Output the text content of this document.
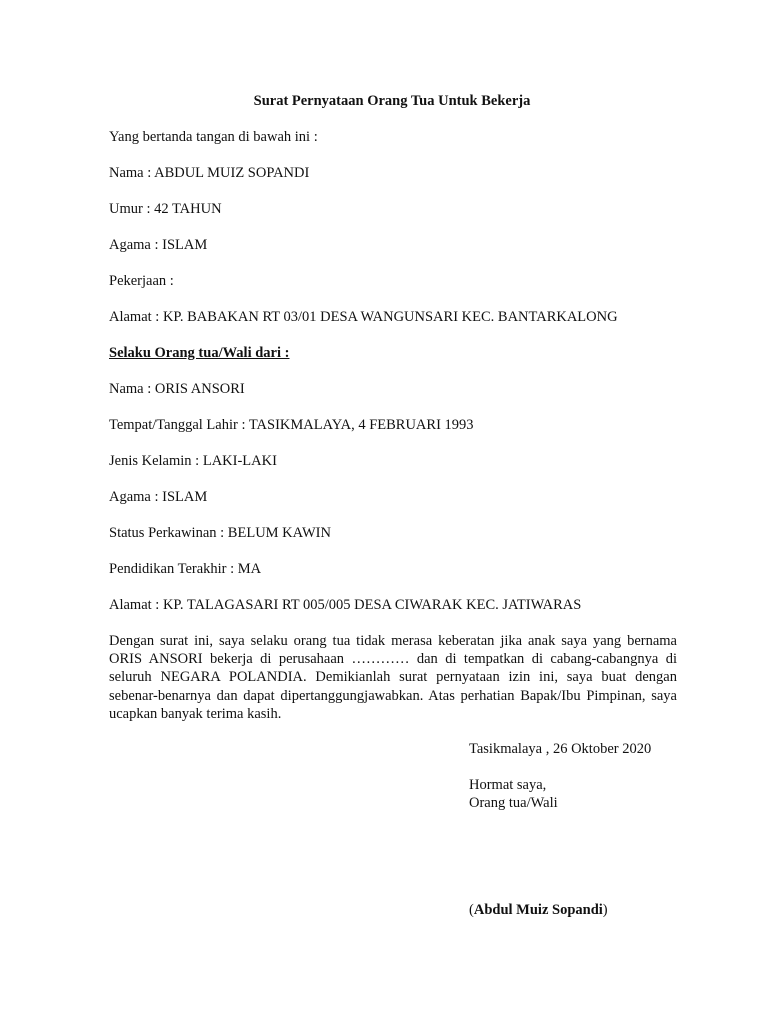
Surat Pernyataan Orang Tua Untuk Bekerja

Yang bertanda tangan di bawah ini :

Nama : ABDUL MUIZ SOPANDI

Umur : 42 TAHUN

Agama : ISLAM

Pekerjaan :

Alamat : KP. BABAKAN RT 03/01 DESA WANGUNSARI KEC. BANTARKALONG

Selaku Orang tua/Wali dari :

Nama : ORIS ANSORI

Tempat/Tanggal Lahir : TASIKMALAYA, 4 FEBRUARI 1993

Jenis Kelamin : LAKI-LAKI

Agama : ISLAM

Status Perkawinan : BELUM KAWIN

Pendidikan Terakhir : MA

Alamat : KP. TALAGASARI RT 005/005 DESA CIWARAK KEC. JATIWARAS

Dengan surat ini, saya selaku orang tua tidak merasa keberatan jika anak saya yang bernama ORIS ANSORI bekerja di perusahaan ………… dan di tempatkan di cabang-cabangnya di seluruh NEGARA POLANDIA. Demikianlah surat pernyataan izin ini, saya buat dengan sebenar-benarnya dan dapat dipertanggungjawabkan. Atas perhatian Bapak/Ibu Pimpinan, saya ucapkan banyak terima kasih.

Tasikmalaya , 26 Oktober 2020

Hormat saya,

Orang tua/Wali

(Abdul Muiz Sopandi)
